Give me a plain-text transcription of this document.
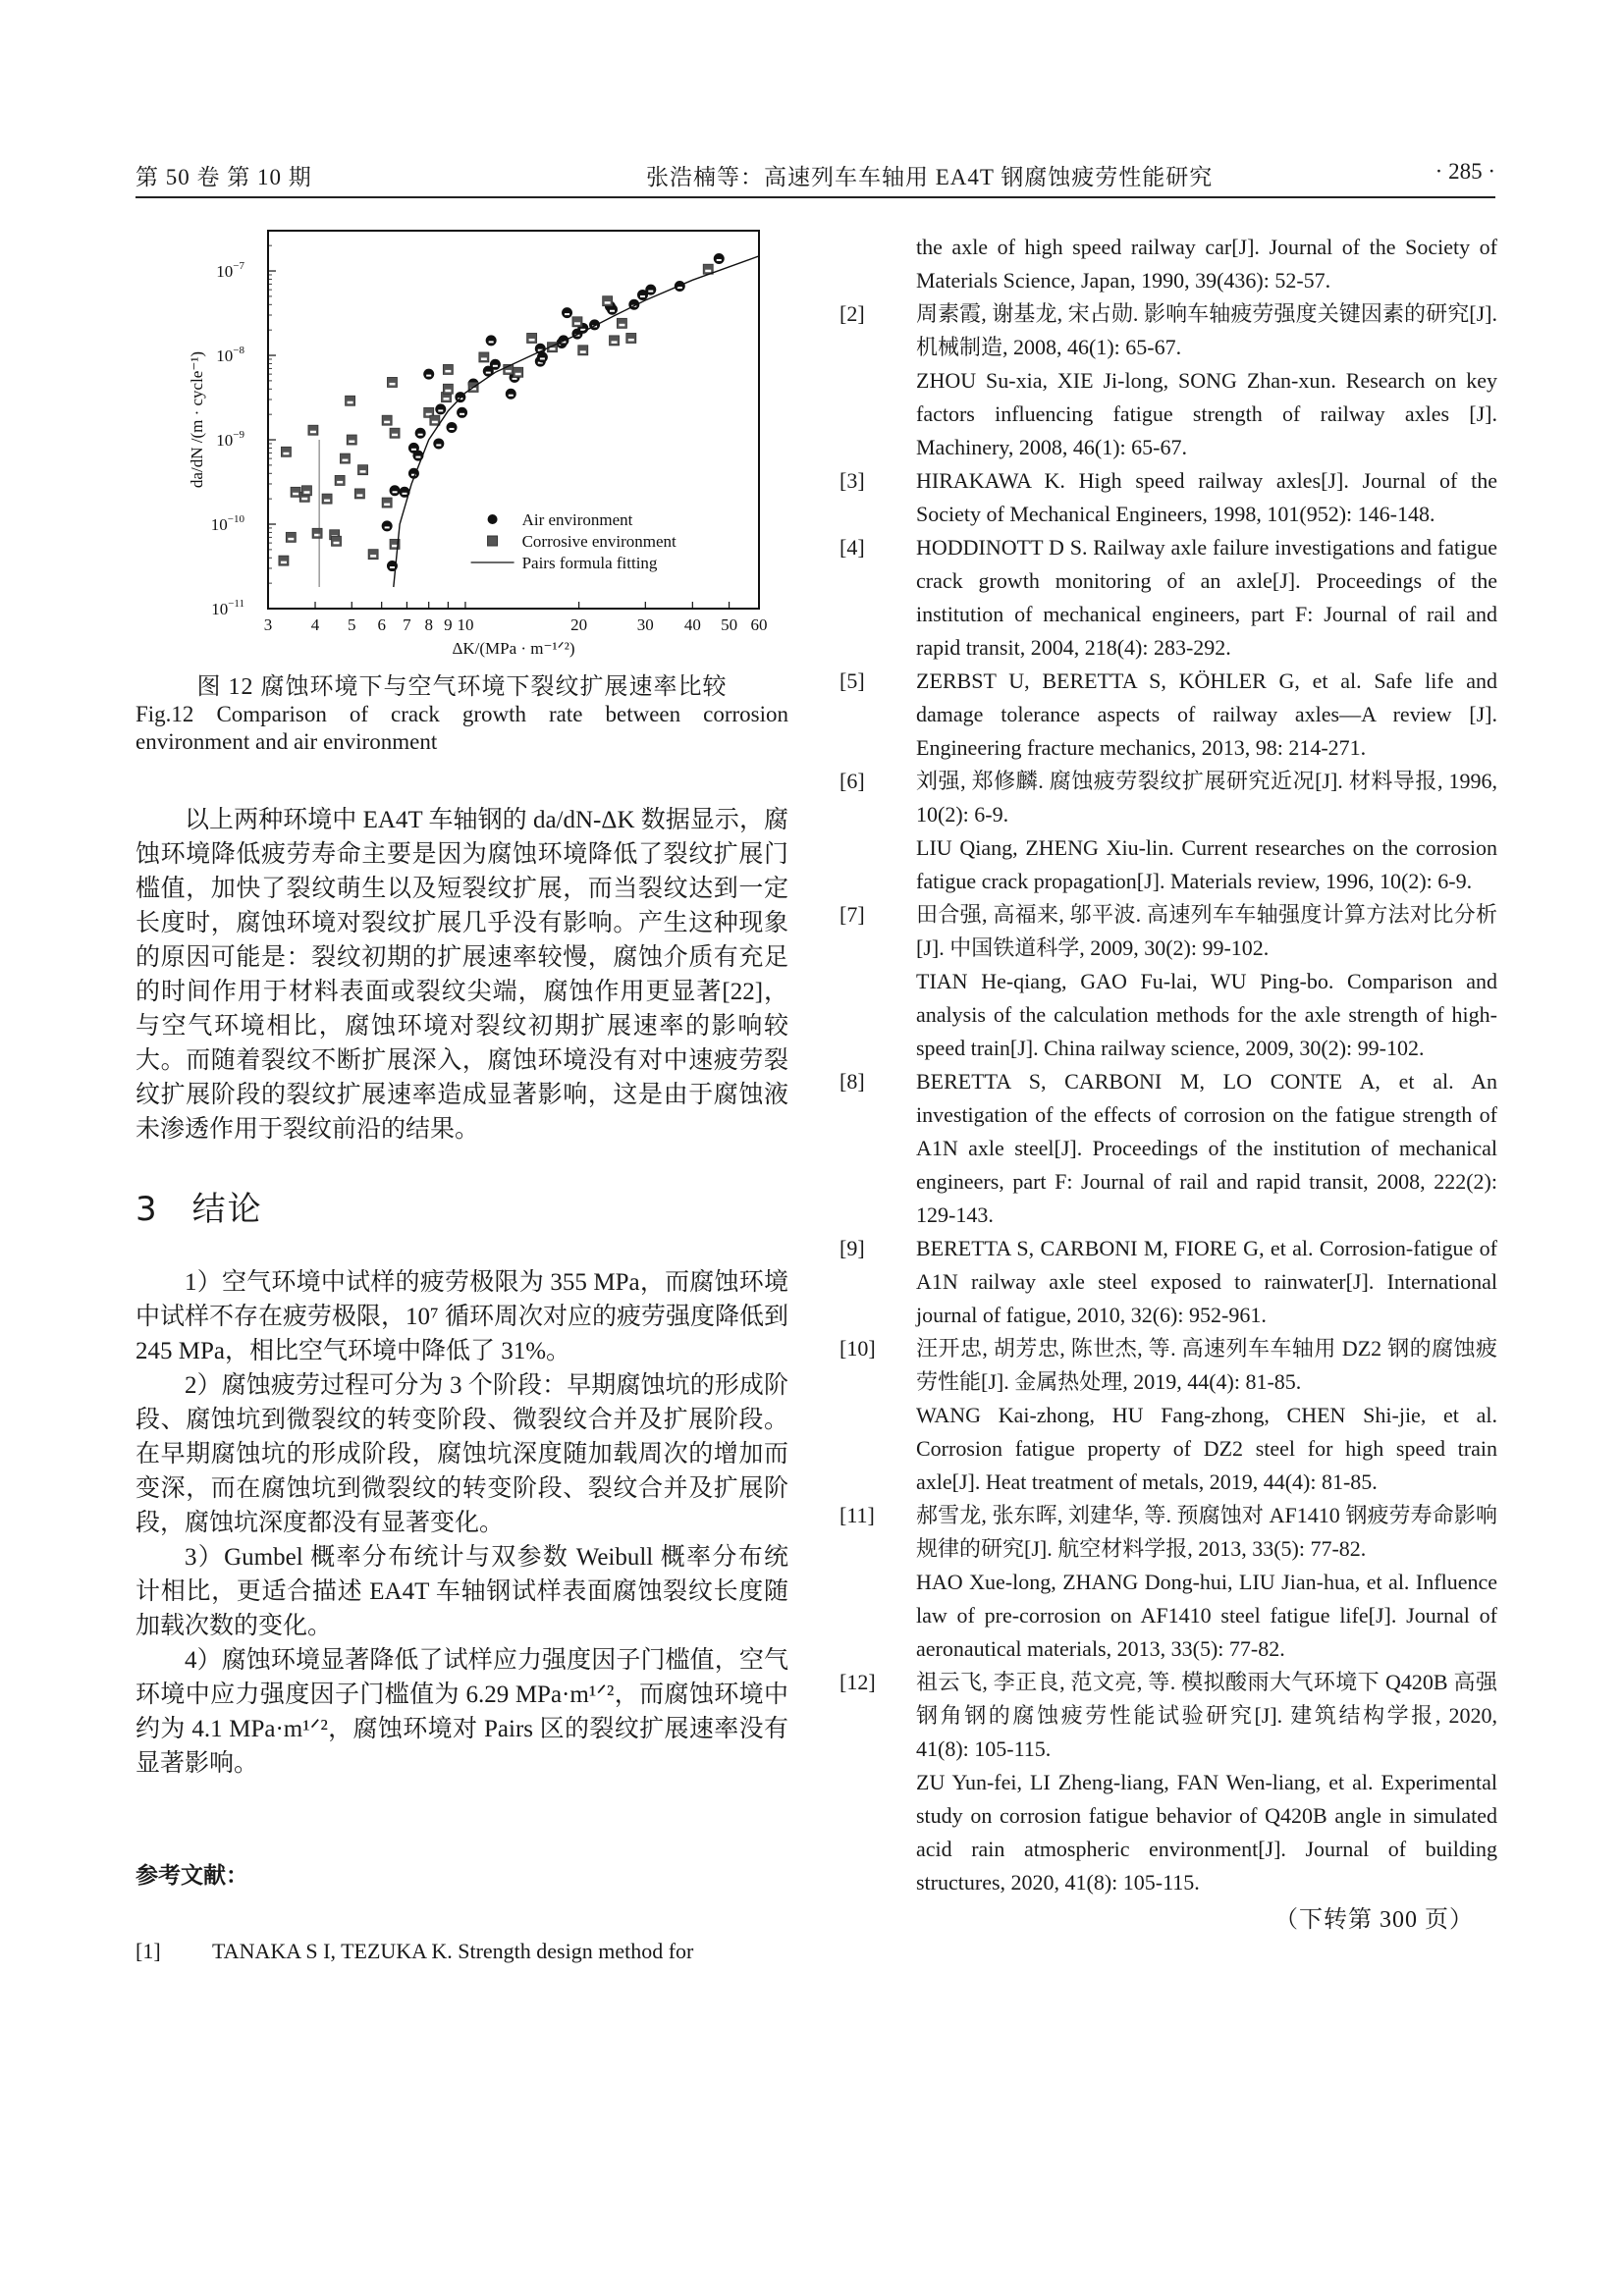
第 50 卷 第 10 期	张浩楠等：高速列车车轴用 EA4T 钢腐蚀疲劳性能研究	· 285 ·
3 4 5 6 7 8 9 10	20	30 40 50 60
$10^{-11}$
$10^{-10}$
$10^{-9}$
$10^{-8}$
$10^{-7}$
ΔK/(MPa · m⁻¹ᐟ²)
da/dN /(m · cycle⁻¹)
Air environment
Corrosive environment
Pairs formula fitting
图 12 腐蚀环境下与空气环境下裂纹扩展速率比较
Fig.12 Comparison of crack growth rate between corrosion environment and air environment

以上两种环境中 EA4T 车轴钢的 da/dN-ΔK 数据显示，腐蚀环境降低疲劳寿命主要是因为腐蚀环境降低了裂纹扩展门槛值，加快了裂纹萌生以及短裂纹扩展，而当裂纹达到一定长度时，腐蚀环境对裂纹扩展几乎没有影响。产生这种现象的原因可能是：裂纹初期的扩展速率较慢，腐蚀介质有充足的时间作用于材料表面或裂纹尖端，腐蚀作用更显著[22]，与空气环境相比，腐蚀环境对裂纹初期扩展速率的影响较大。而随着裂纹不断扩展深入，腐蚀环境没有对中速疲劳裂纹扩展阶段的裂纹扩展速率造成显著影响，这是由于腐蚀液未渗透作用于裂纹前沿的结果。

3 结论

1）空气环境中试样的疲劳极限为 355 MPa，而腐蚀环境中试样不存在疲劳极限，10⁷ 循环周次对应的疲劳强度降低到 245 MPa，相比空气环境中降低了 31%。

2）腐蚀疲劳过程可分为 3 个阶段：早期腐蚀坑的形成阶段、腐蚀坑到微裂纹的转变阶段、微裂纹合并及扩展阶段。在早期腐蚀坑的形成阶段，腐蚀坑深度随加载周次的增加而变深，而在腐蚀坑到微裂纹的转变阶段、裂纹合并及扩展阶段，腐蚀坑深度都没有显著变化。

3）Gumbel 概率分布统计与双参数 Weibull 概率分布统计相比，更适合描述 EA4T 车轴钢试样表面腐蚀裂纹长度随加载次数的变化。

4）腐蚀环境显著降低了试样应力强度因子门槛值，空气环境中应力强度因子门槛值为 6.29 MPa·m¹ᐟ²，而腐蚀环境中约为 4.1 MPa·m¹ᐟ²，腐蚀环境对 Pairs 区的裂纹扩展速率没有显著影响。

参考文献：
[1] TANAKA S I, TEZUKA K. Strength design method for

the axle of high speed railway car[J]. Journal of the Society of Materials Science, Japan, 1990, 39(436): 52-57.

[2] 周素霞, 谢基龙, 宋占勋. 影响车轴疲劳强度关键因素的研究[J]. 机械制造, 2008, 46(1): 65-67.

ZHOU Su-xia, XIE Ji-long, SONG Zhan-xun. Research on key factors influencing fatigue strength of railway axles [J]. Machinery, 2008, 46(1): 65-67.

[3] HIRAKAWA K. High speed railway axles[J]. Journal of the Society of Mechanical Engineers, 1998, 101(952): 146-148.

[4] HODDINOTT D S. Railway axle failure investigations and fatigue crack growth monitoring of an axle[J]. Proceedings of the institution of mechanical engineers, part F: Journal of rail and rapid transit, 2004, 218(4): 283-292.

[5] ZERBST U, BERETTA S, KÖHLER G, et al. Safe life and damage tolerance aspects of railway axles—A review [J]. Engineering fracture mechanics, 2013, 98: 214-271.

[6] 刘强, 郑修麟. 腐蚀疲劳裂纹扩展研究近况[J]. 材料导报, 1996, 10(2): 6-9.

LIU Qiang, ZHENG Xiu-lin. Current researches on the corrosion fatigue crack propagation[J]. Materials review, 1996, 10(2): 6-9.

[7] 田合强, 高福来, 邬平波. 高速列车车轴强度计算方法对比分析[J]. 中国铁道科学, 2009, 30(2): 99-102.

TIAN He-qiang, GAO Fu-lai, WU Ping-bo. Comparison and analysis of the calculation methods for the axle strength of high-speed train[J]. China railway science, 2009, 30(2): 99-102.

[8] BERETTA S, CARBONI M, LO CONTE A, et al. An investigation of the effects of corrosion on the fatigue strength of A1N axle steel[J]. Proceedings of the institution of mechanical engineers, part F: Journal of rail and rapid transit, 2008, 222(2): 129-143.

[9] BERETTA S, CARBONI M, FIORE G, et al. Corrosion-fatigue of A1N railway axle steel exposed to rainwater[J]. International journal of fatigue, 2010, 32(6): 952-961.

[10] 汪开忠, 胡芳忠, 陈世杰, 等. 高速列车车轴用 DZ2 钢的腐蚀疲劳性能[J]. 金属热处理, 2019, 44(4): 81-85.

WANG Kai-zhong, HU Fang-zhong, CHEN Shi-jie, et al. Corrosion fatigue property of DZ2 steel for high speed train axle[J]. Heat treatment of metals, 2019, 44(4): 81-85.

[11] 郝雪龙, 张东晖, 刘建华, 等. 预腐蚀对 AF1410 钢疲劳寿命影响规律的研究[J]. 航空材料学报, 2013, 33(5): 77-82.

HAO Xue-long, ZHANG Dong-hui, LIU Jian-hua, et al. Influence law of pre-corrosion on AF1410 steel fatigue life[J]. Journal of aeronautical materials, 2013, 33(5): 77-82.

[12] 祖云飞, 李正良, 范文亮, 等. 模拟酸雨大气环境下 Q420B 高强钢角钢的腐蚀疲劳性能试验研究[J]. 建筑结构学报, 2020, 41(8): 105-115.

ZU Yun-fei, LI Zheng-liang, FAN Wen-liang, et al. Experimental study on corrosion fatigue behavior of Q420B angle in simulated acid rain atmospheric environment[J]. Journal of building structures, 2020, 41(8): 105-115.

（下转第 300 页）
